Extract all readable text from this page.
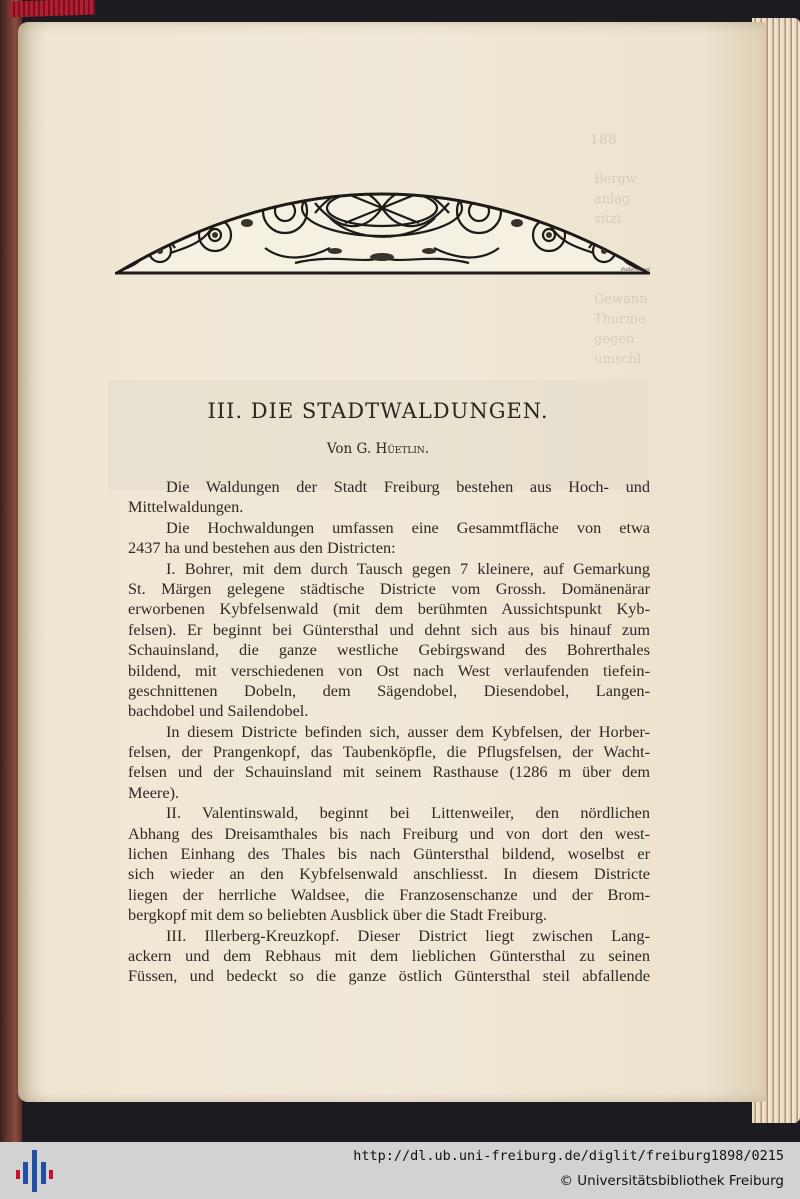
188
Bergw
anlag
sitzt

Gewann
Thurme
gegen
umschl
Fellernagel
III. DIE STADTWALDUNGEN.
Von G. Hüetlin.
Die Waldungen der Stadt Freiburg bestehen aus Hoch- und
Mittelwaldungen.
Die Hochwaldungen umfassen eine Gesammtfläche von etwa
2437 ha und bestehen aus den Districten:
I. Bohrer, mit dem durch Tausch gegen 7 kleinere, auf Gemarkung
St. Märgen gelegene städtische Districte vom Grossh. Domänenärar
erworbenen Kybfelsenwald (mit dem berühmten Aussichtspunkt Kyb-
felsen). Er beginnt bei Güntersthal und dehnt sich aus bis hinauf zum
Schauinsland, die ganze westliche Gebirgswand des Bohrerthales
bildend, mit verschiedenen von Ost nach West verlaufenden tiefein-
geschnittenen Dobeln, dem Sägendobel, Diesendobel, Langen-
bachdobel und Sailendobel.
In diesem Districte befinden sich, ausser dem Kybfelsen, der Horber-
felsen, der Prangenkopf, das Taubenköpfle, die Pflugsfelsen, der Wacht-
felsen und der Schauinsland mit seinem Rasthause (1286 m über dem
Meere).
II. Valentinswald, beginnt bei Littenweiler, den nördlichen
Abhang des Dreisamthales bis nach Freiburg und von dort den west-
lichen Einhang des Thales bis nach Güntersthal bildend, woselbst er
sich wieder an den Kybfelsenwald anschliesst. In diesem Districte
liegen der herrliche Waldsee, die Franzosenschanze und der Brom-
bergkopf mit dem so beliebten Ausblick über die Stadt Freiburg.
III. Illerberg-Kreuzkopf. Dieser District liegt zwischen Lang-
ackern und dem Rebhaus mit dem lieblichen Güntersthal zu seinen
Füssen, und bedeckt so die ganze östlich Güntersthal steil abfallende
http://dl.ub.uni-freiburg.de/diglit/freiburg1898/0215
© Universitätsbibliothek Freiburg
